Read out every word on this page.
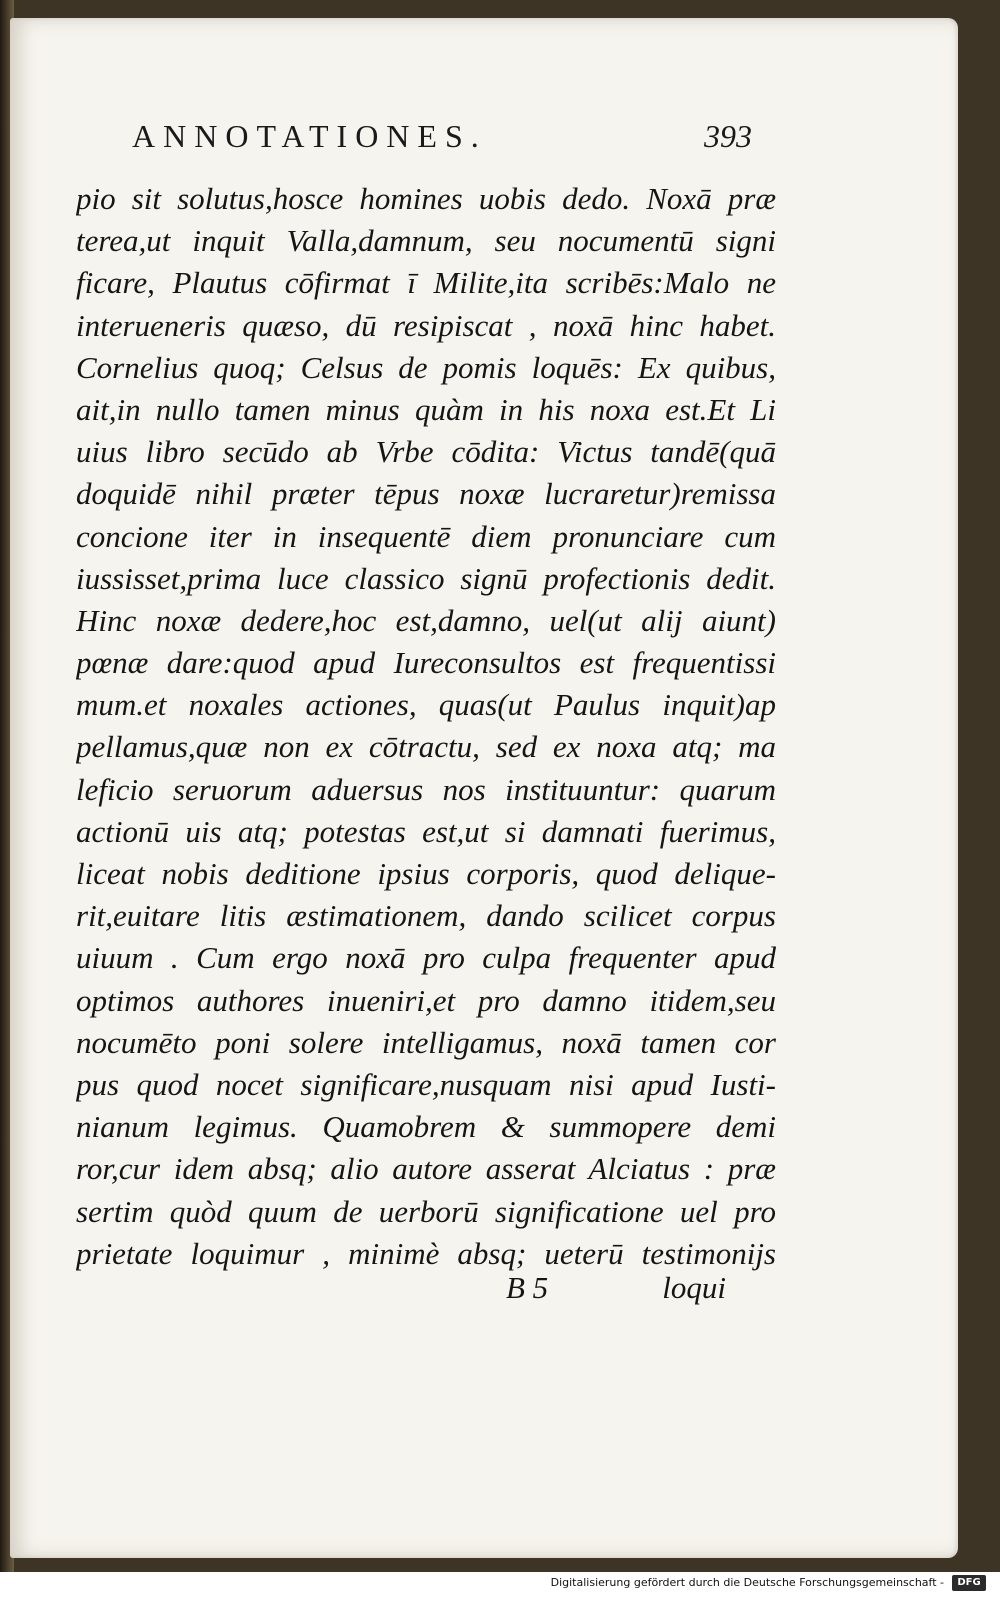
ANNOTATIONES.	393
pio sit solutus,hosce homines uobis dedo. Noxā præ
terea,ut inquit Valla,damnum, seu nocumentū signi
ficare, Plautus cōfirmat ī Milite,ita scribēs:Malo ne
interueneris quæso, dū resipiscat , noxā hinc habet.
Cornelius quoq; Celsus de pomis loquēs: Ex quibus,
ait,in nullo tamen minus quàm in his noxa est.Et Li
uius libro secūdo ab Vrbe cōdita: Victus tandē(quā
doquidē nihil præter tēpus noxæ lucraretur)remissa
concione iter in insequentē diem pronunciare cum
iussisset,prima luce classico signū profectionis dedit.
Hinc noxæ dedere,hoc est,damno, uel(ut alij aiunt)
pœnæ dare:quod apud Iureconsultos est frequentissi
mum.et noxales actiones, quas(ut Paulus inquit)ap
pellamus,quæ non ex cōtractu, sed ex noxa atq; ma
leficio seruorum aduersus nos instituuntur: quarum
actionū uis atq; potestas est,ut si damnati fuerimus,
liceat nobis deditione ipsius corporis, quod delique-
rit,euitare litis æstimationem, dando scilicet corpus
uiuum . Cum ergo noxā pro culpa frequenter apud
optimos authores inueniri,et pro damno itidem,seu
nocumēto poni solere intelligamus, noxā tamen cor
pus quod nocet significare,nusquam nisi apud Iusti-
nianum legimus. Quamobrem & summopere demi
ror,cur idem absq; alio autore asserat Alciatus : præ
sertim quòd quum de uerborū significatione uel pro
prietate loquimur , minimè absq; ueterū testimonijs
B 5	loqui
Digitalisierung gefördert durch die Deutsche Forschungsgemeinschaft -	DFG
